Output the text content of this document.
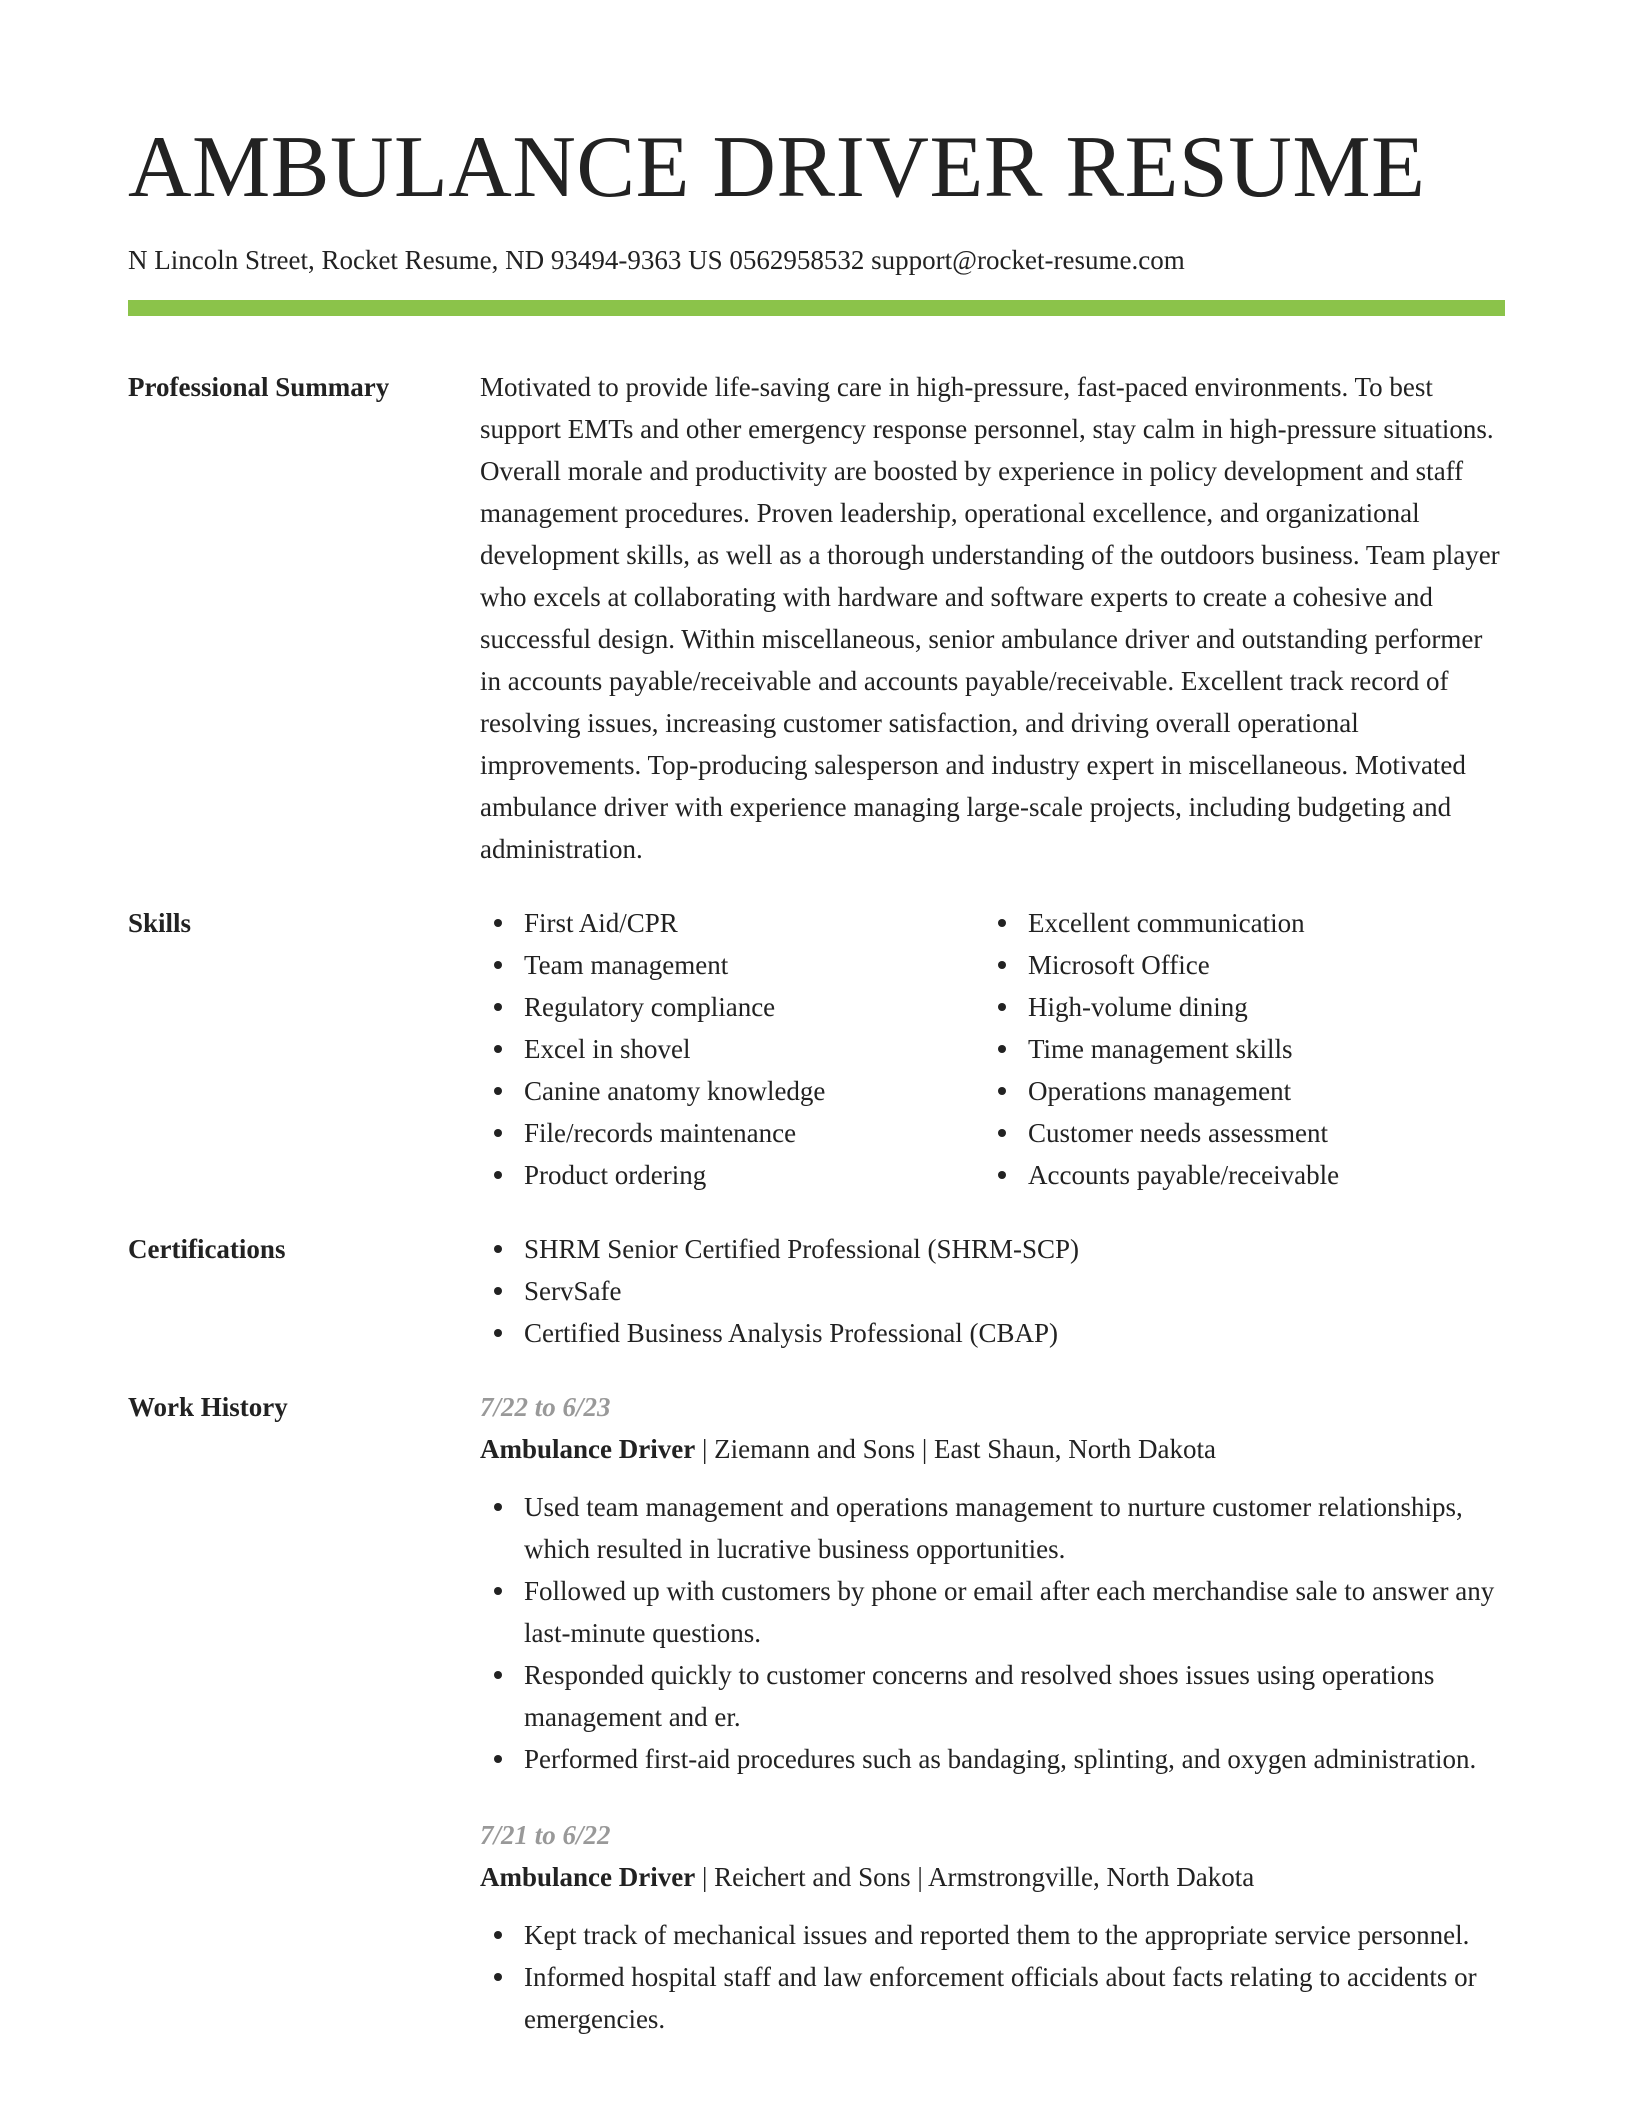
AMBULANCE DRIVER RESUME
N Lincoln Street, Rocket Resume, ND 93494-9363 US 0562958532 support@rocket-resume.com
Professional Summary	Motivated to provide life-saving care in high-pressure, fast-paced environments. To best support EMTs and other emergency response personnel, stay calm in high-pressure situations. Overall morale and productivity are boosted by experience in policy development and staff management procedures. Proven leadership, operational excellence, and organizational development skills, as well as a thorough understanding of the outdoors business. Team player who excels at collaborating with hardware and software experts to create a cohesive and successful design. Within miscellaneous, senior ambulance driver and outstanding performer in accounts payable/receivable and accounts payable/receivable. Excellent track record of resolving issues, increasing customer satisfaction, and driving overall operational improvements. Top-producing salesperson and industry expert in miscellaneous. Motivated ambulance driver with experience managing large-scale projects, including budgeting and administration.

Skills	First Aid/CPR
Team management
Regulatory compliance
Excel in shovel
Canine anatomy knowledge
File/records maintenance
Product ordering
Excellent communication
Microsoft Office
High-volume dining
Time management skills
Operations management
Customer needs assessment
Accounts payable/receivable
Certifications	SHRM Senior Certified Professional (SHRM-SCP)
ServSafe
Certified Business Analysis Professional (CBAP)
Work History	7/22 to 6/23
Ambulance Driver | Ziemann and Sons | East Shaun, North Dakota
Used team management and operations management to nurture customer relationships, which resulted in lucrative business opportunities.
Followed up with customers by phone or email after each merchandise sale to answer any last-minute questions.
Responded quickly to customer concerns and resolved shoes issues using operations management and er.
Performed first-aid procedures such as bandaging, splinting, and oxygen administration.
7/21 to 6/22
Ambulance Driver | Reichert and Sons | Armstrongville, North Dakota
Kept track of mechanical issues and reported them to the appropriate service personnel.
Informed hospital staff and law enforcement officials about facts relating to accidents or emergencies.
